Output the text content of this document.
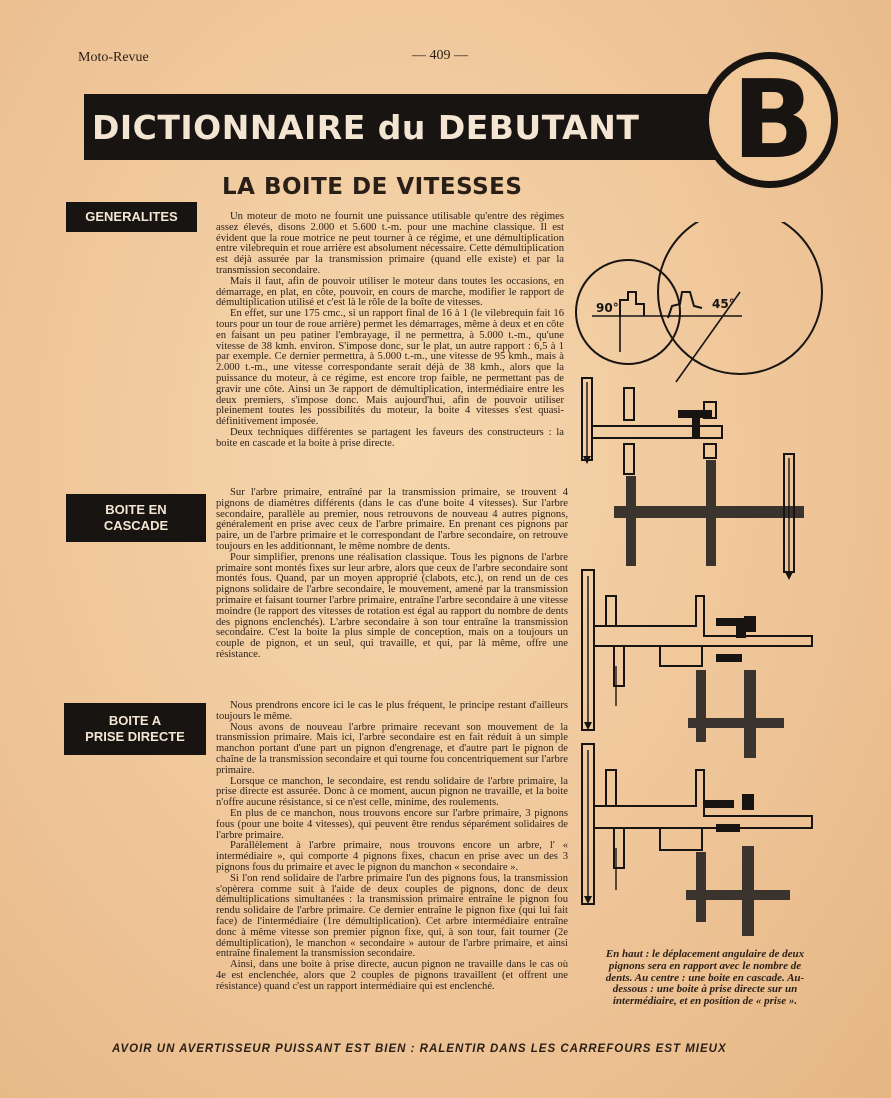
Moto-Revue	— 409 —
DICTIONNAIRE du DEBUTANT B
LA BOITE DE VITESSES
GENERALITES
BOITE EN
CASCADE
BOITE A
PRISE DIRECTE
Un moteur de moto ne fournit une puissance utilisable qu'entre des régimes assez élevés, disons 2.000 et 5.600 t.-m. pour une machine classique. Il est évident que la roue motrice ne peut tourner à ce régime, et une démultiplication entre vilebrequin et roue arrière est absolument nécessaire. Cette démultiplication est déjà assurée par la transmission primaire (quand elle existe) et par la transmission secondaire.
Mais il faut, afin de pouvoir utiliser le moteur dans toutes les occasions, en démarrage, en plat, en côte, pouvoir, en cours de marche, modifier le rapport de démultiplication utilisé et c'est là le rôle de la boîte de vitesses.
En effet, sur une 175 cmc., si un rapport final de 16 à 1 (le vilebrequin fait 16 tours pour un tour de roue arrière) permet les démarrages, même à deux et en côte en faisant un peu patiner l'embrayage, il ne permettra, à 5.000 t.-m., qu'une vitesse de 38 kmh. environ. S'impose donc, sur le plat, un autre rapport : 6,5 à 1 par exemple. Ce dernier permettra, à 5.000 t.-m., une vitesse de 95 kmh., mais à 2.000 t.-m., une vitesse correspondante serait déjà de 38 kmh., alors que la puissance du moteur, à ce régime, est encore trop faible, ne permettant pas de gravir une côte. Ainsi un 3e rapport de démultiplication, intermédiaire entre les deux premiers, s'impose donc. Mais aujourd'hui, afin de pouvoir utiliser pleinement toutes les possibilités du moteur, la boite 4 vitesses s'est quasi-définitivement imposée.
Deux techniques différentes se partagent les faveurs des constructeurs : la boite en cascade et la boite à prise directe.
Sur l'arbre primaire, entraîné par la transmission primaire, se trouvent 4 pignons de diamètres différents (dans le cas d'une boite 4 vitesses). Sur l'arbre secondaire, parallèle au premier, nous retrouvons de nouveau 4 autres pignons, généralement en prise avec ceux de l'arbre primaire. En prenant ces pignons par paire, un de l'arbre primaire et le correspondant de l'arbre secondaire, on retrouve toujours en les additionnant, le même nombre de dents.
Pour simplifier, prenons une réalisation classique. Tous les pignons de l'arbre primaire sont montés fixes sur leur arbre, alors que ceux de l'arbre secondaire sont montés fous. Quand, par un moyen approprié (clabots, etc.), on rend un de ces pignons solidaire de l'arbre secondaire, le mouvement, amené par la transmission primaire et faisant tourner l'arbre primaire, entraîne l'arbre secondaire à une vitesse moindre (le rapport des vitesses de rotation est égal au rapport du nombre de dents des pignons enclenchés). L'arbre secondaire à son tour entraîne la transmission secondaire. C'est la boite la plus simple de conception, mais on a toujours un couple de pignon, et un seul, qui travaille, et qui, par là même, offre une résistance.
Nous prendrons encore ici le cas le plus fréquent, le principe restant d'ailleurs toujours le même.
Nous avons de nouveau l'arbre primaire recevant son mouvement de la transmission primaire. Mais ici, l'arbre secondaire est en fait réduit à un simple manchon portant d'une part un pignon d'engrenage, et d'autre part le pignon de chaîne de la transmission secondaire et qui tourne fou concentriquement sur l'arbre primaire.
Lorsque ce manchon, le secondaire, est rendu solidaire de l'arbre primaire, la prise directe est assurée. Donc à ce moment, aucun pignon ne travaille, et la boite n'offre aucune résistance, si ce n'est celle, minime, des roulements.
En plus de ce manchon, nous trouvons encore sur l'arbre primaire, 3 pignons fous (pour une boite 4 vitesses), qui peuvent être rendus séparément solidaires de l'arbre primaire.
Parallèlement à l'arbre primaire, nous trouvons encore un arbre, l' « intermédiaire », qui comporte 4 pignons fixes, chacun en prise avec un des 3 pignons fous du primaire et avec le pignon du manchon « secondaire ».
Si l'on rend solidaire de l'arbre primaire l'un des pignons fous, la transmission s'opèrera comme suit à l'aide de deux couples de pignons, donc de deux démultiplications simultanées : la transmission primaire entraîne le pignon fou rendu solidaire de l'arbre primaire. Ce dernier entraîne le pignon fixe (qui lui fait face) de l'intermédiaire (1re démultiplication). Cet arbre intermédiaire entraîne donc à même vitesse son premier pignon fixe, qui, à son tour, fait tourner (2e démultiplication), le manchon « secondaire » autour de l'arbre primaire, et ainsi entraîne finalement la transmission secondaire.
Ainsi, dans une boite à prise directe, aucun pignon ne travaille dans le cas où 4e est enclenchée, alors que 2 couples de pignons travaillent (et offrent une résistance) quand c'est un rapport intermédiaire qui est enclenché.
90°	45°
En haut : le déplacement angulaire de deux pignons sera en rapport avec le nombre de dents. Au centre : une boite en cascade. Au-dessous : une boite à prise directe sur un intermédiaire, et en position de « prise ».
AVOIR UN AVERTISSEUR PUISSANT EST BIEN : RALENTIR DANS LES CARREFOURS EST MIEUX
